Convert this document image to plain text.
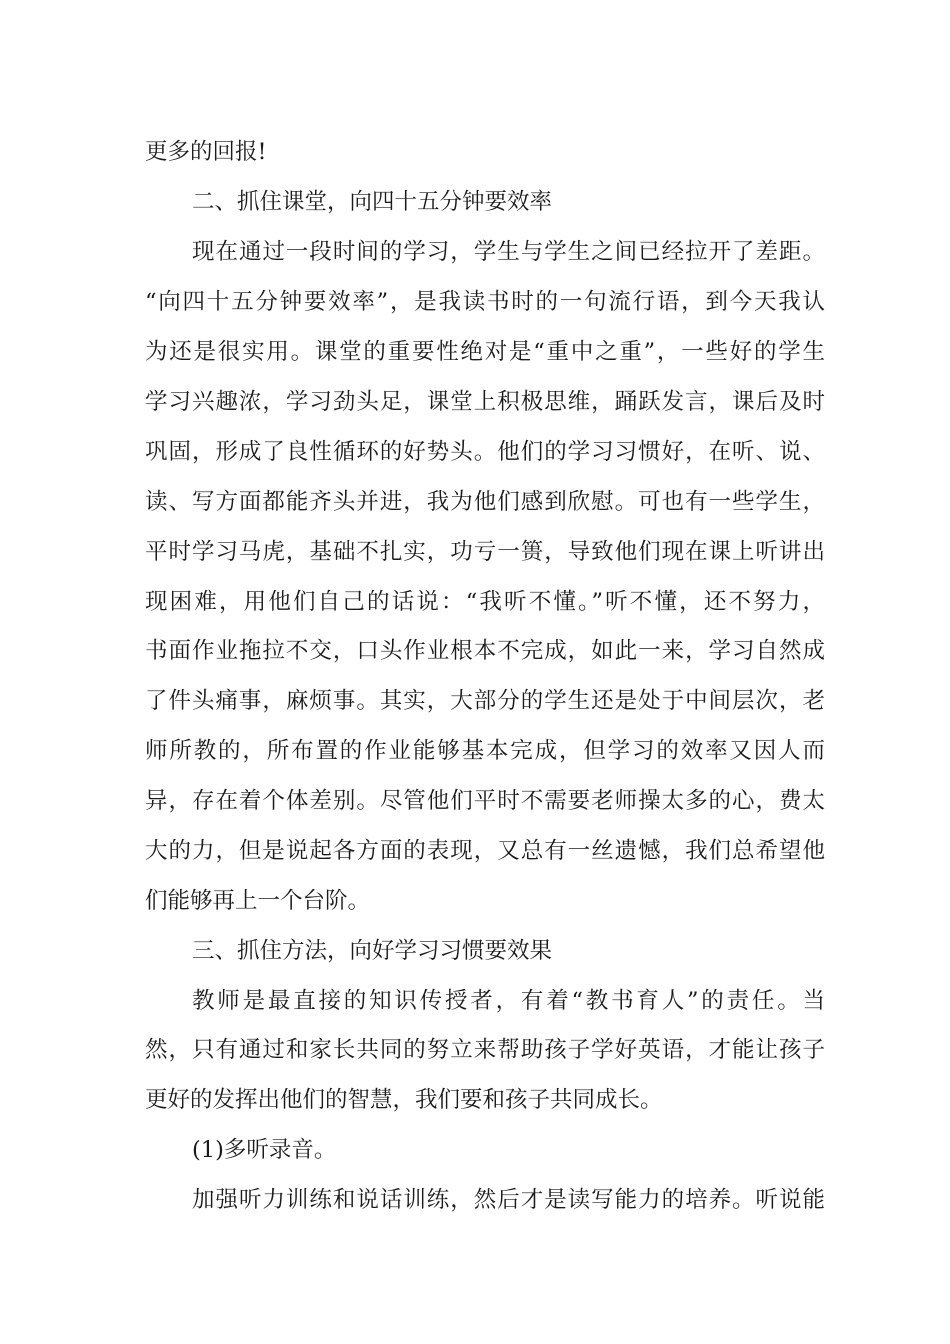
更多的回报!
二、抓住课堂，向四十五分钟要效率
现在通过一段时间的学习，学生与学生之间已经拉开了差距。
“向四十五分钟要效率”，是我读书时的一句流行语，到今天我认
为还是很实用。课堂的重要性绝对是“重中之重”，一些好的学生
学习兴趣浓，学习劲头足，课堂上积极思维，踊跃发言，课后及时
巩固，形成了良性循环的好势头。他们的学习习惯好，在听、说、
读、写方面都能齐头并进，我为他们感到欣慰。可也有一些学生，
平时学习马虎，基础不扎实，功亏一篑，导致他们现在课上听讲出
现困难，用他们自己的话说：“我听不懂。”听不懂，还不努力，
书面作业拖拉不交，口头作业根本不完成，如此一来，学习自然成
了件头痛事，麻烦事。其实，大部分的学生还是处于中间层次，老
师所教的，所布置的作业能够基本完成，但学习的效率又因人而
异，存在着个体差别。尽管他们平时不需要老师操太多的心，费太
大的力，但是说起各方面的表现，又总有一丝遗憾，我们总希望他
们能够再上一个台阶。
三、抓住方法，向好学习习惯要效果
教师是最直接的知识传授者，有着“教书育人”的责任。当
然，只有通过和家长共同的努立来帮助孩子学好英语，才能让孩子
更好的发挥出他们的智慧，我们要和孩子共同成长。
(1)多听录音。
加强听力训练和说话训练，然后才是读写能力的培养。听说能
